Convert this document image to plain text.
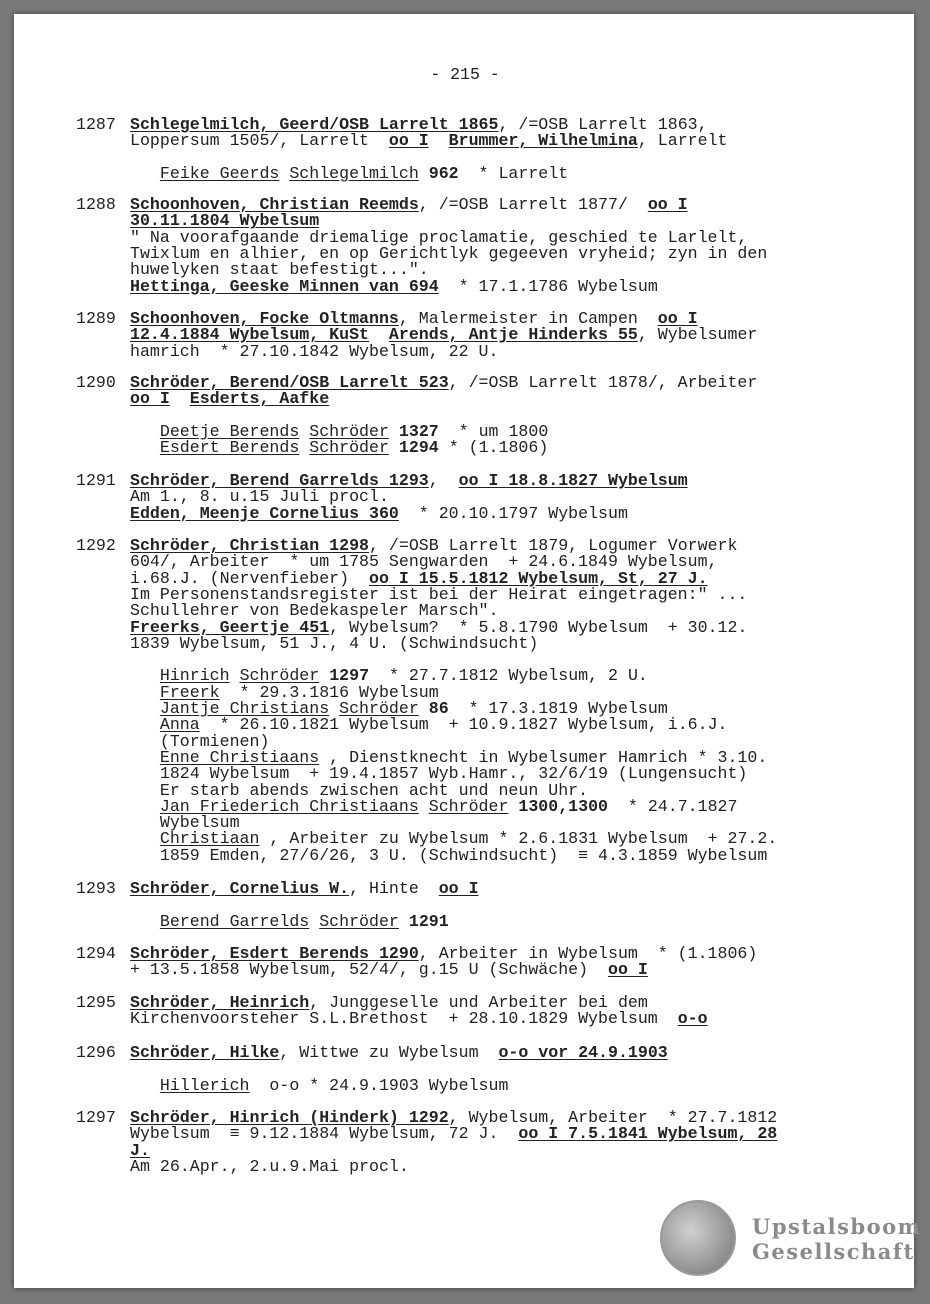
- 215 -
1287 Schlegelmilch, Geerd/OSB Larrelt 1865, /=OSB Larrelt 1863,
Loppersum 1505/, Larrelt  oo I Brummer, Wilhelmina, Larrelt
Feike Geerds Schlegelmilch 962  * Larrelt
1288 Schoonhoven, Christian Reemds, /=OSB Larrelt 1877/  oo I
30.11.1804 Wybelsum
" Na voorafgaande driemalige proclamatie, geschied te Larlelt,
Twixlum en alhier, en op Gerichtlyk gegeeven vryheid; zyn in den
huwelyken staat befestigt...".
Hettinga, Geeske Minnen van 694  * 17.1.1786 Wybelsum
1289 Schoonhoven, Focke Oltmanns, Malermeister in Campen  oo I
12.4.1884 Wybelsum, KuSt Arends, Antje Hinderks 55, Wybelsumer
hamrich  * 27.10.1842 Wybelsum, 22 U.
1290 Schröder, Berend/OSB Larrelt 523, /=OSB Larrelt 1878/, Arbeiter
oo I Esderts, Aafke
Deetje Berends Schröder 1327  * um 1800
Esdert Berends Schröder 1294 * (1.1806)
1291 Schröder, Berend Garrelds 1293,  oo I 18.8.1827 Wybelsum
Am 1., 8. u.15 Juli procl.
Edden, Meenje Cornelius 360  * 20.10.1797 Wybelsum
1292 Schröder, Christian 1298, /=OSB Larrelt 1879, Logumer Vorwerk
604/, Arbeiter  * um 1785 Sengwarden  + 24.6.1849 Wybelsum,
i.68.J. (Nervenfieber)  oo I 15.5.1812 Wybelsum, St, 27 J.
Im Personenstandsregister ist bei der Heirat eingetragen:" ...
Schullehrer von Bedekaspeler Marsch".
Freerks, Geertje 451, Wybelsum?  * 5.8.1790 Wybelsum  + 30.12.
1839 Wybelsum, 51 J., 4 U. (Schwindsucht)
Hinrich Schröder 1297  * 27.7.1812 Wybelsum, 2 U.
Freerk  * 29.3.1816 Wybelsum
Jantje Christians Schröder 86  * 17.3.1819 Wybelsum
Anna  * 26.10.1821 Wybelsum  + 10.9.1827 Wybelsum, i.6.J.
(Tormienen)
Enne Christiaans , Dienstknecht in Wybelsumer Hamrich * 3.10.
1824 Wybelsum  + 19.4.1857 Wyb.Hamr., 32/6/19 (Lungensucht)
Er starb abends zwischen acht und neun Uhr.
Jan Friederich Christiaans Schröder 1300,1300  * 24.7.1827
Wybelsum
Christiaan , Arbeiter zu Wybelsum * 2.6.1831 Wybelsum  + 27.2.
1859 Emden, 27/6/26, 3 U. (Schwindsucht)  ≡ 4.3.1859 Wybelsum
1293 Schröder, Cornelius W., Hinte  oo I
Berend Garrelds Schröder 1291
1294 Schröder, Esdert Berends 1290, Arbeiter in Wybelsum  * (1.1806)
+ 13.5.1858 Wybelsum, 52/4/, g.15 U (Schwäche)  oo I
1295 Schröder, Heinrich, Junggeselle und Arbeiter bei dem
Kirchenvoorsteher S.L.Brethost  + 28.10.1829 Wybelsum  o-o
1296 Schröder, Hilke, Wittwe zu Wybelsum  o-o vor 24.9.1903
Hillerich  o-o * 24.9.1903 Wybelsum
1297 Schröder, Hinrich (Hinderk) 1292, Wybelsum, Arbeiter  * 27.7.1812
Wybelsum  ≡ 9.12.1884 Wybelsum, 72 J.  oo I 7.5.1841 Wybelsum, 28
J.
Am 26.Apr., 2.u.9.Mai procl.
Upstalsboom
Gesellschaft
